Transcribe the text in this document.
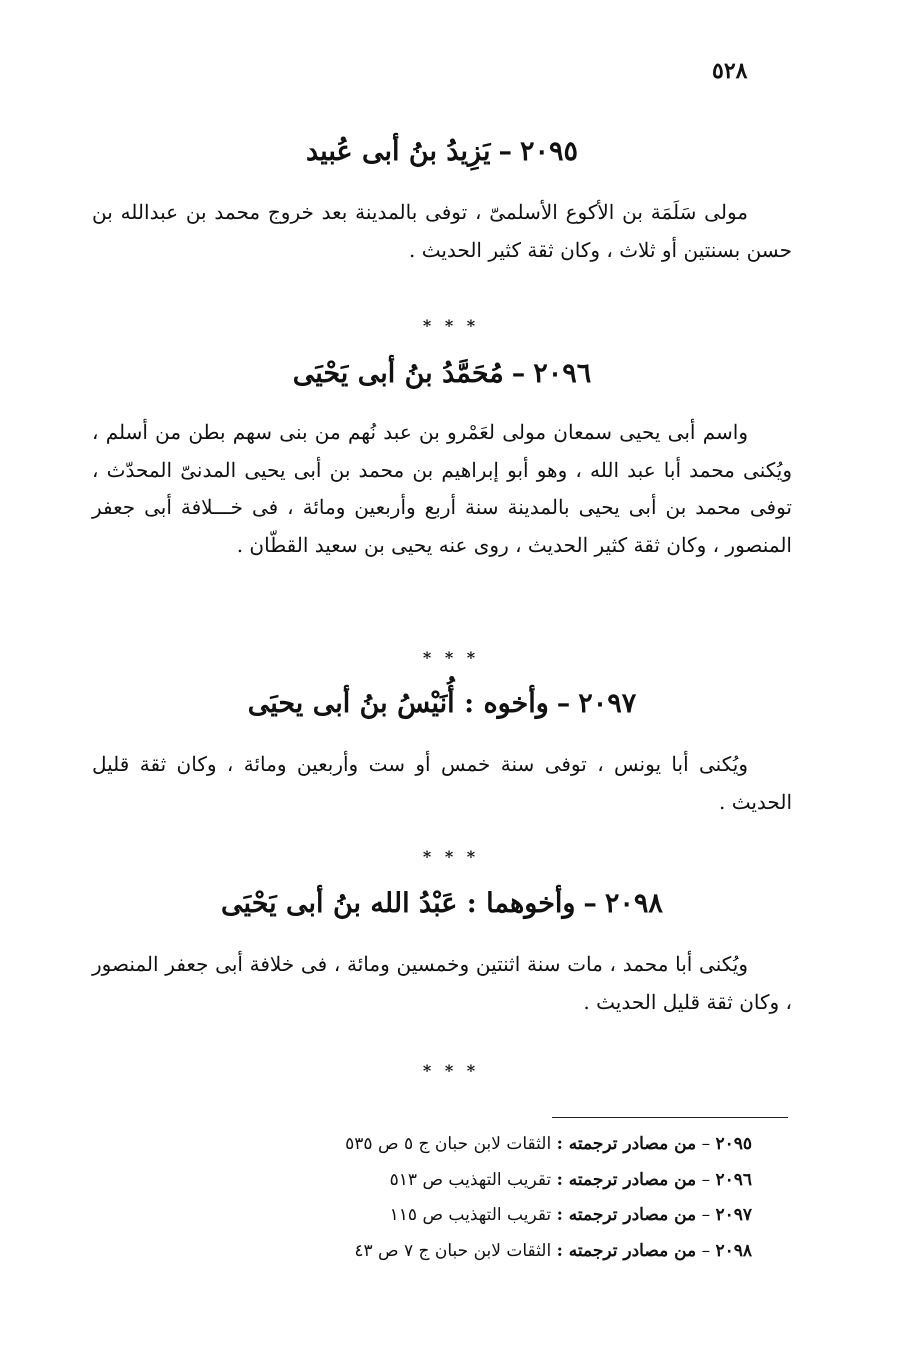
٥٢٨
٢٠٩٥–يَزِيدُ بنُ أبى عُبيد

مولى سَلَمَة بن الأكوع الأسلمىّ ، توفى بالمدينة بعد خروج محمد بن عبدالله بن حسن بسنتين أو ثلاث ، وكان ثقة كثير الحديث .

* * *
٢٠٩٦–مُحَمَّدُ بنُ أبى يَحْيَى

واسم أبى يحيى سمعان مولى لعَمْرو بن عبد نُهم من بنى سهم بطن من أسلم ، ويُكنى محمد أبا عبد الله ، وهو أبو إبراهيم بن محمد بن أبى يحيى المدنىّ المحدّث ، توفى محمد بن أبى يحيى بالمدينة سنة أربع وأربعين ومائة ، فى خـــلافة أبى جعفر المنصور ، وكان ثقة كثير الحديث ، روى عنه يحيى بن سعيد القطّان .

* * *
٢٠٩٧–وأخوه : أُنَيْسُ بنُ أبى يحيَى

ويُكنى أبا يونس ، توفى سنة خمس أو ست وأربعين ومائة ، وكان ثقة قليل الحديث .

* * *
٢٠٩٨–وأخوهما : عَبْدُ الله بنُ أبى يَحْيَى

ويُكنى أبا محمد ، مات سنة اثنتين وخمسين ومائة ، فى خلافة أبى جعفر المنصور ، وكان ثقة قليل الحديث .

* * *
٢٠٩٥ – من مصادر ترجمته : الثقات لابن حبان ج ٥ ص ٥٣٥
٢٠٩٦ – من مصادر ترجمته : تقريب التهذيب ص ٥١٣
٢٠٩٧ – من مصادر ترجمته : تقريب التهذيب ص ١١٥
٢٠٩٨ – من مصادر ترجمته : الثقات لابن حبان ج ٧ ص ٤٣
